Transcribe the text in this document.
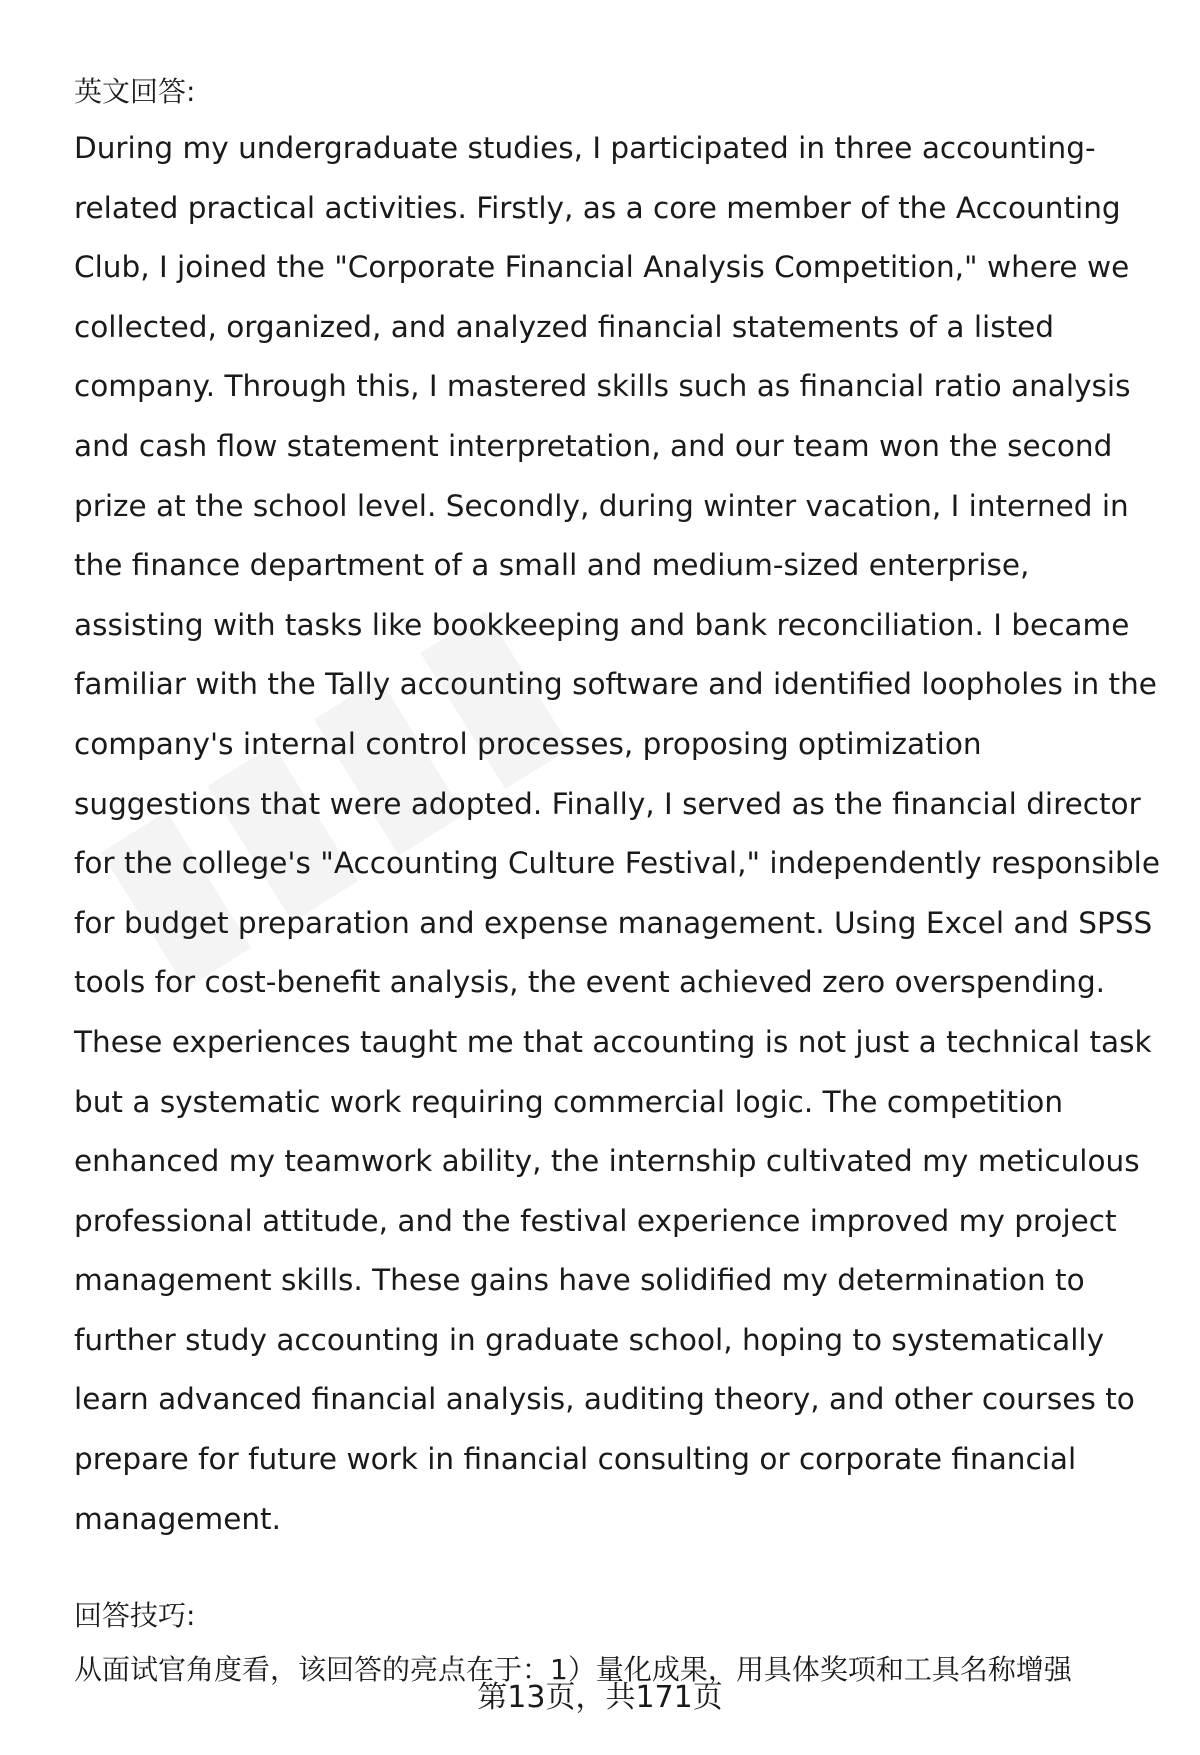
英文回答:

During my undergraduate studies, I participated in three accounting-related practical activities. Firstly, as a core member of the Accounting Club, I joined the "Corporate Financial Analysis Competition," where we collected, organized, and analyzed financial statements of a listed company. Through this, I mastered skills such as financial ratio analysis and cash flow statement interpretation, and our team won the second prize at the school level. Secondly, during winter vacation, I interned in the finance department of a small and medium-sized enterprise, assisting with tasks like bookkeeping and bank reconciliation. I became familiar with the Tally accounting software and identified loopholes in the company's internal control processes, proposing optimization suggestions that were adopted. Finally, I served as the financial director for the college's "Accounting Culture Festival," independently responsible for budget preparation and expense management. Using Excel and SPSS tools for cost-benefit analysis, the event achieved zero overspending. These experiences taught me that accounting is not just a technical task but a systematic work requiring commercial logic. The competition enhanced my teamwork ability, the internship cultivated my meticulous professional attitude, and the festival experience improved my project management skills. These gains have solidified my determination to further study accounting in graduate school, hoping to systematically learn advanced financial analysis, auditing theory, and other courses to prepare for future work in financial consulting or corporate financial management.

回答技巧:

从面试官角度看，该回答的亮点在于：1）量化成果，用具体奖项和工具名称增强

第13页，共171页
